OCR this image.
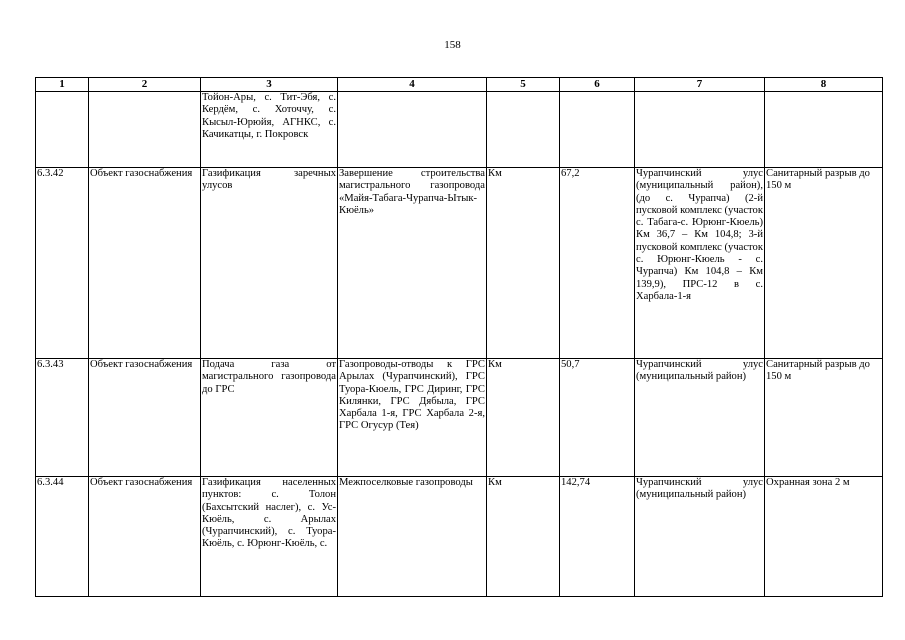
158
1	2	3	4	5	6	7	8
		Тойон-Ары, с. Тит-Эбя, с. Кердём, с. Хоточчу, с. Кысыл-Юрюйя, АГНКС, с. Качикатцы, г. Покровск					
6.3.42	Объект газоснабжения	Газификация заречных улусов	Завершение строительства магистрального газопровода «Майя-Табага-Чурапча-Ытык-Кюёль»	Км	67,2	Чурапчинский улус (муниципальный район), (до с. Чурапча) (2-й пусковой комплекс (участок с. Табага-с. Юрюнг-Кюель) Км 36,7 – Км 104,8; 3-й пусковой комплекс (участок с. Юрюнг-Кюель - с. Чурапча) Км 104,8 – Км 139,9), ПРС-12 в с. Харбала-1-я	Санитарный разрыв до 150 м
6.3.43	Объект газоснабжения	Подача газа от магистрального газопровода до ГРС	Газопроводы-отводы к ГРС Арылах (Чурапчинский), ГРС Туора-Кюель, ГРС Диринг, ГРС Килянки, ГРС Дябыла, ГРС Харбала 1-я, ГРС Харбала 2-я, ГРС Огусур (Тея)	Км	50,7	Чурапчинский улус (муниципальный район)	Санитарный разрыв до 150 м
6.3.44	Объект газоснабжения	Газификация населенных пунктов: с. Толон (Бахсытский наслег), с. Ус-Кюёль, с. Арылах (Чурапчинский), с. Туора-Кюёль, с. Юрюнг-Кюёль, с.	Межпоселковые газопроводы	Км	142,74	Чурапчинский улус (муниципальный район)	Охранная зона 2 м
